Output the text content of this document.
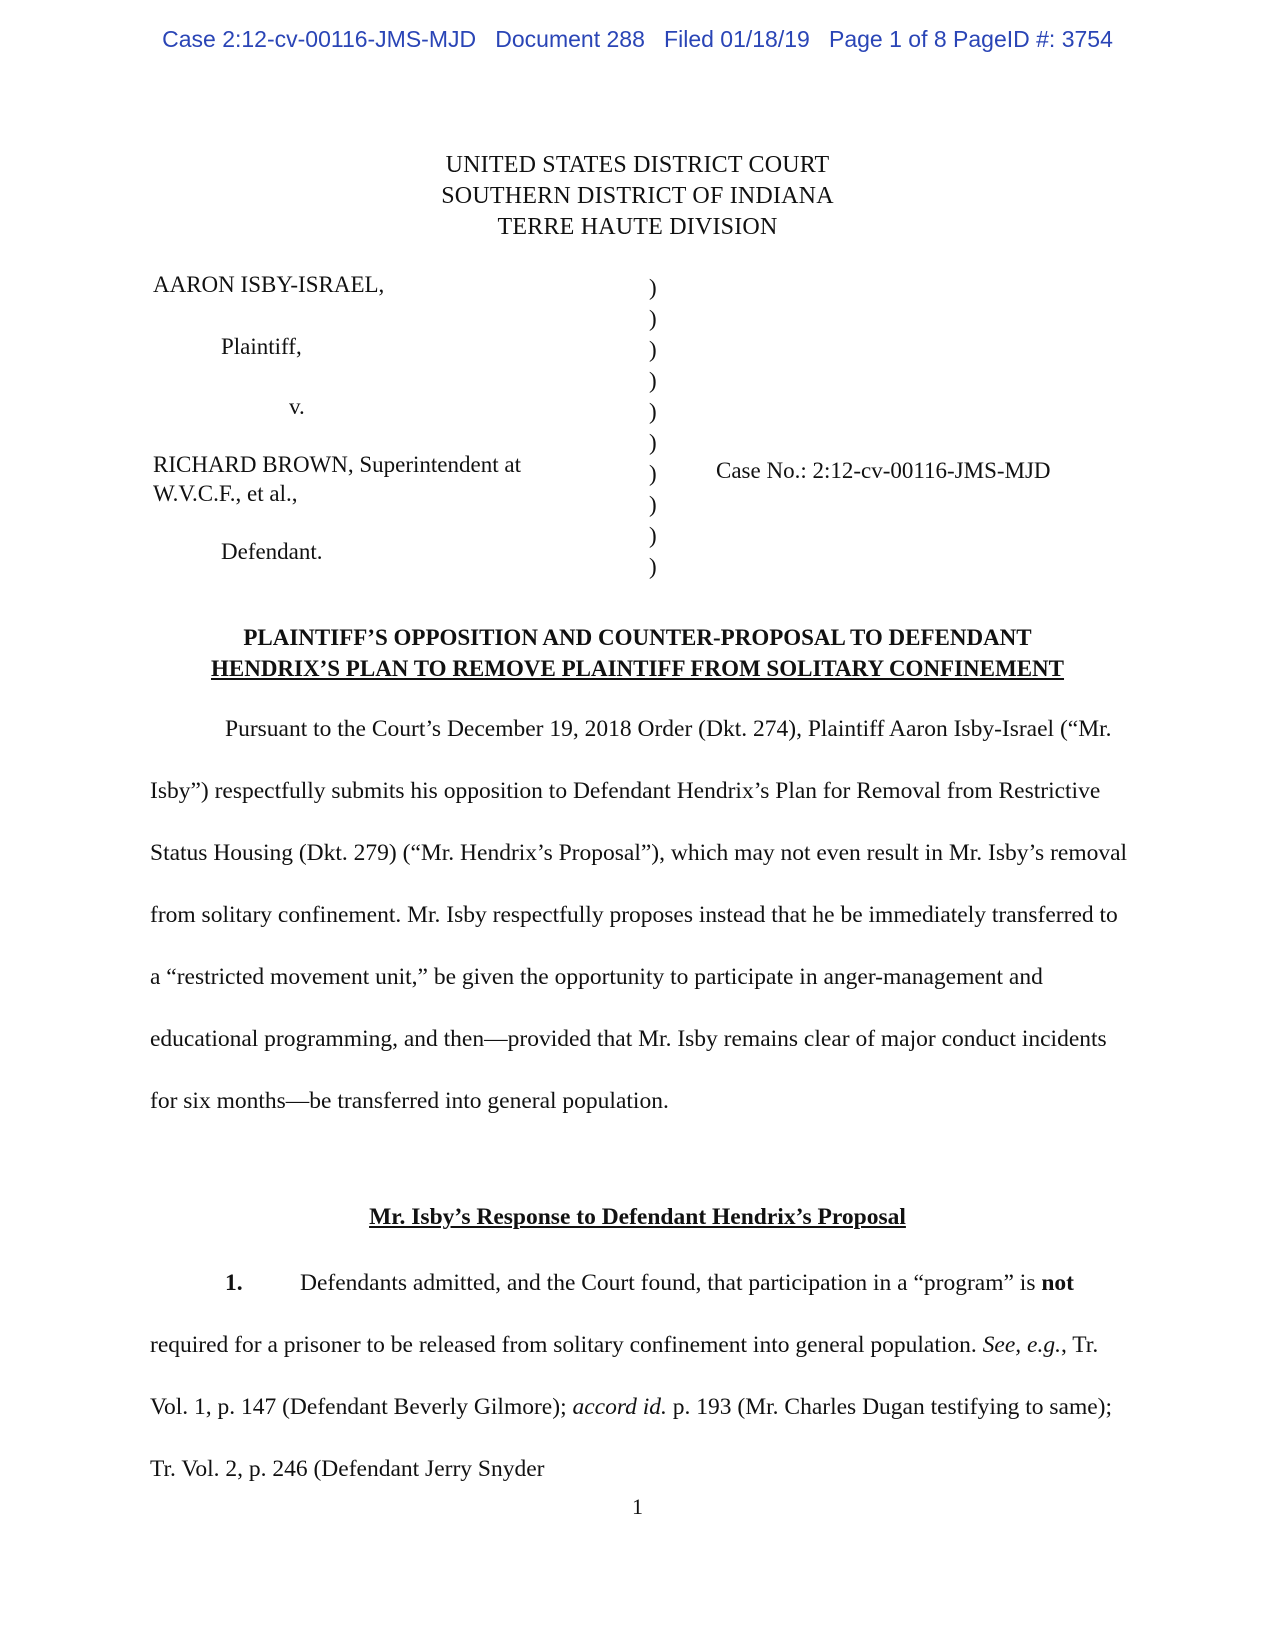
Case 2:12-cv-00116-JMS-MJD   Document 288   Filed 01/18/19   Page 1 of 8 PageID #: 3754
UNITED STATES DISTRICT COURT
SOUTHERN DISTRICT OF INDIANA
TERRE HAUTE DIVISION
AARON ISBY-ISRAEL,
Plaintiff,
v.
RICHARD BROWN, Superintendent at
W.V.C.F., et al.,
Defendant.
)
)
)
)
)
)
)
)
)
)
Case No.: 2:12-cv-00116-JMS-MJD
PLAINTIFF’S OPPOSITION AND COUNTER-PROPOSAL TO DEFENDANT
HENDRIX’S PLAN TO REMOVE PLAINTIFF FROM SOLITARY CONFINEMENT

Pursuant to the Court’s December 19, 2018 Order (Dkt. 274), Plaintiff Aaron Isby-Israel (“Mr. Isby”) respectfully submits his opposition to Defendant Hendrix’s Plan for Removal from Restrictive Status Housing (Dkt. 279) (“Mr. Hendrix’s Proposal”), which may not even result in Mr. Isby’s removal from solitary confinement. Mr. Isby respectfully proposes instead that he be immediately transferred to a “restricted movement unit,” be given the opportunity to participate in anger-management and educational programming, and then—provided that Mr. Isby remains clear of major conduct incidents for six months—be transferred into general population.

Mr. Isby’s Response to Defendant Hendrix’s Proposal

1. Defendants admitted, and the Court found, that participation in a “program” is not required for a prisoner to be released from solitary confinement into general population. See, e.g., Tr. Vol. 1, p. 147 (Defendant Beverly Gilmore); accord id. p. 193 (Mr. Charles Dugan testifying to same); Tr. Vol. 2, p. 246 (Defendant Jerry Snyder

1
